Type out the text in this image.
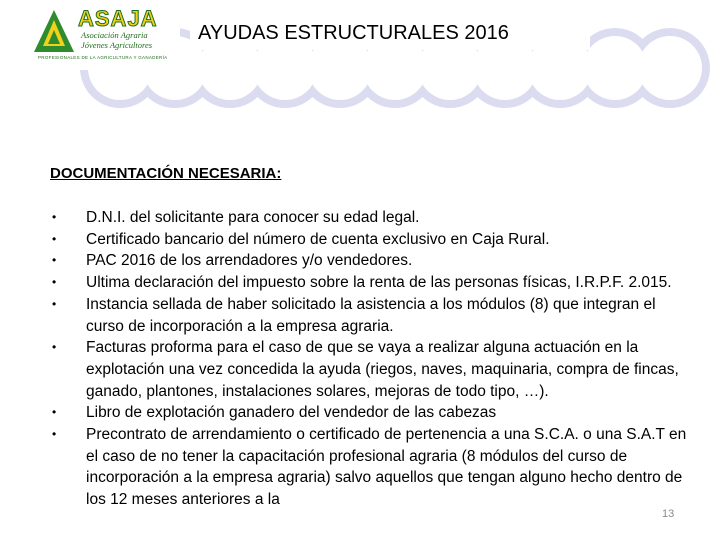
ASAJA
Asociación Agraria
Jóvenes Agricultores
PROFESIONALES DE LA AGRICULTURA Y GANADERÍA
AYUDAS ESTRUCTURALES 2016
DOCUMENTACIÓN NECESARIA:
• D.N.I. del solicitante para conocer su edad legal.
• Certificado bancario del número de cuenta exclusivo en Caja Rural.
• PAC 2016 de los arrendadores y/o vendedores.
• Ultima declaración del impuesto sobre la renta de las personas físicas, I.R.P.F. 2.015.
• Instancia sellada de haber solicitado la asistencia a los módulos (8) que integran el curso de incorporación a la empresa agraria.
• Facturas proforma para el caso de que se vaya a realizar alguna actuación en la explotación una vez concedida la ayuda (riegos, naves, maquinaria, compra de fincas, ganado, plantones, instalaciones solares, mejoras de todo tipo, …).
• Libro de explotación ganadero del vendedor de las cabezas
• Precontrato de arrendamiento o certificado de pertenencia a una S.C.A. o una S.A.T en el caso de no tener la capacitación profesional agraria (8 módulos del curso de incorporación a la empresa agraria) salvo aquellos que tengan alguno hecho dentro de los 12 meses anteriores a la
13
